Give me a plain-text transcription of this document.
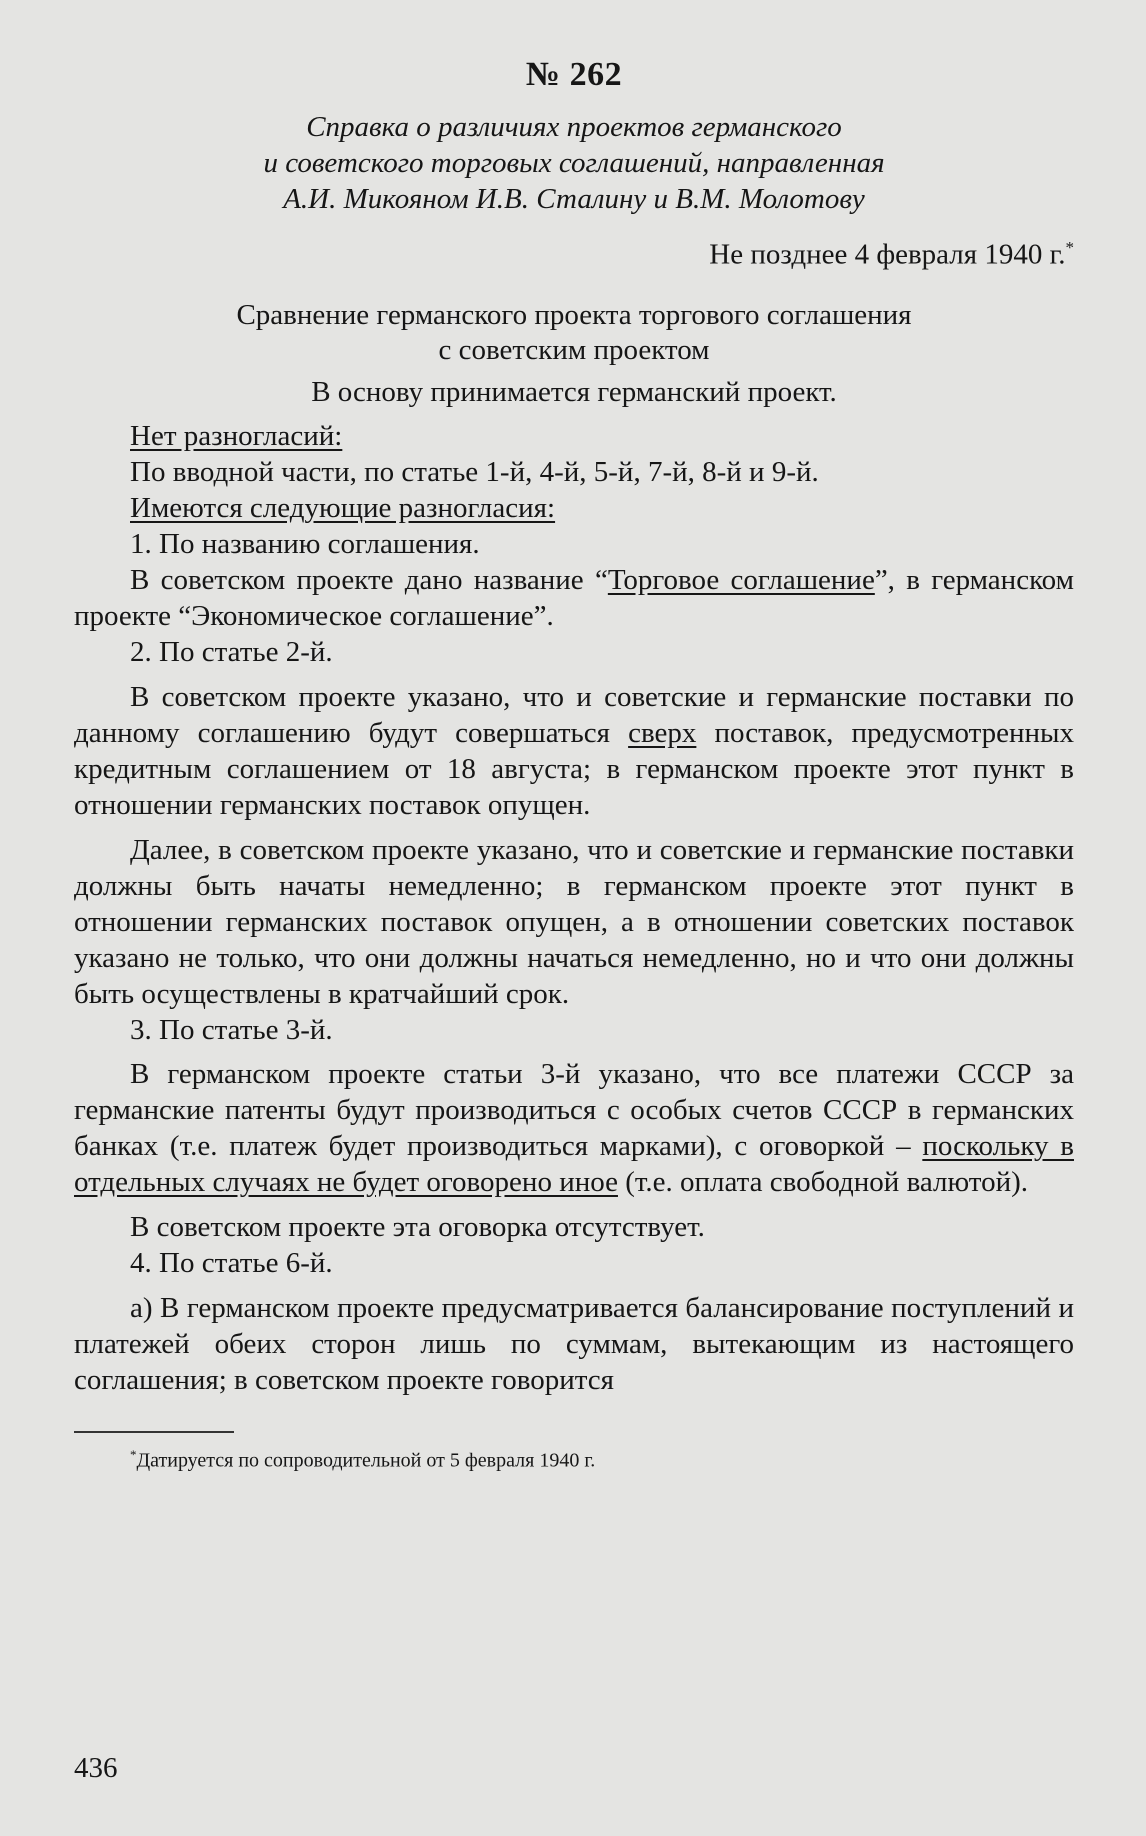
№ 262
Справка о различиях проектов германского
и советского торговых соглашений, направленная
А.И. Микояном И.В. Сталину и В.М. Молотову
Не позднее 4 февраля 1940 г.*
Сравнение германского проекта торгового соглашения
с советским проектом
В основу принимается германский проект.

Нет разногласий:

По вводной части, по статье 1-й, 4-й, 5-й, 7-й, 8-й и 9-й.

Имеются следующие разногласия:

1. По названию соглашения.

В советском проекте дано название “Торговое соглашение”, в германском проекте “Экономическое соглашение”.

2. По статье 2-й.

В советском проекте указано, что и советские и германские поставки по данному соглашению будут совершаться сверх поставок, предусмотренных кредитным соглашением от 18 августа; в германском проекте этот пункт в отношении германских поставок опущен.

Далее, в советском проекте указано, что и советские и германские поставки должны быть начаты немедленно; в германском проекте этот пункт в отношении германских поставок опущен, а в отношении советских поставок указано не только, что они должны начаться немедленно, но и что они должны быть осуществлены в кратчайший срок.

3. По статье 3-й.

В германском проекте статьи 3-й указано, что все платежи СССР за германские патенты будут производиться с особых счетов СССР в германских банках (т.е. платеж будет производиться марками), с оговоркой – поскольку в отдельных случаях не будет оговорено иное (т.е. оплата свободной валютой).

В советском проекте эта оговорка отсутствует.

4. По статье 6-й.

а) В германском проекте предусматривается балансирование поступлений и платежей обеих сторон лишь по суммам, вытекающим из настоящего соглашения; в советском проекте говорится

*Датируется по сопроводительной от 5 февраля 1940 г.

436
